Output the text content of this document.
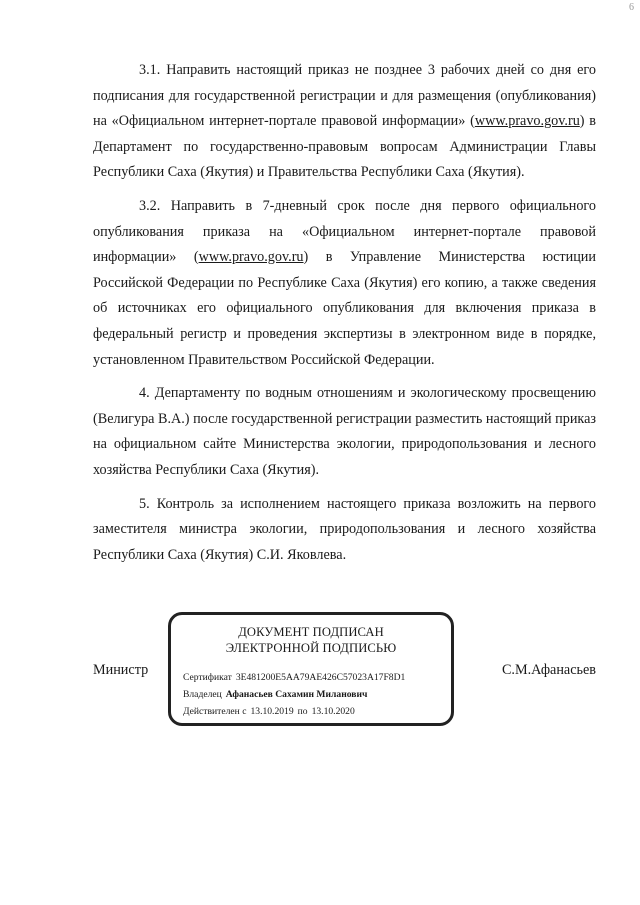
6

3.1. Направить настоящий приказ не позднее 3 рабочих дней со дня его подписания для государственной регистрации и для размещения (опубликования) на «Официальном интернет-портале правовой информации» (www.pravo.gov.ru) в Департамент по государственно-правовым вопросам Администрации Главы Республики Саха (Якутия) и Правительства Республики Саха (Якутия).

3.2. Направить в 7-дневный срок после дня первого официального опубликования приказа на «Официальном интернет-портале правовой информации» (www.pravo.gov.ru) в Управление Министерства юстиции Российской Федерации по Республике Саха (Якутия) его копию, а также сведения об источниках его официального опубликования для включения приказа в федеральный регистр и проведения экспертизы в электронном виде в порядке, установленном Правительством Российской Федерации.

4. Департаменту по водным отношениям и экологическому просвещению (Велигура В.А.) после государственной регистрации разместить настоящий приказ на официальном сайте Министерства экологии, природопользования и лесного хозяйства Республики Саха (Якутия).

5. Контроль за исполнением настоящего приказа возложить на первого заместителя министра экологии, природопользования и лесного хозяйства Республики Саха (Якутия) С.И. Яковлева.

Министр
ДОКУМЕНТ ПОДПИСАН
ЭЛЕКТРОННОЙ ПОДПИСЬЮ
Сертификат 3E481200E5AA79AE426C57023A17F8D1
Владелец Афанасьев Сахамин Миланович
Действителен с 13.10.2019 по 13.10.2020
С.М.Афанасьев
